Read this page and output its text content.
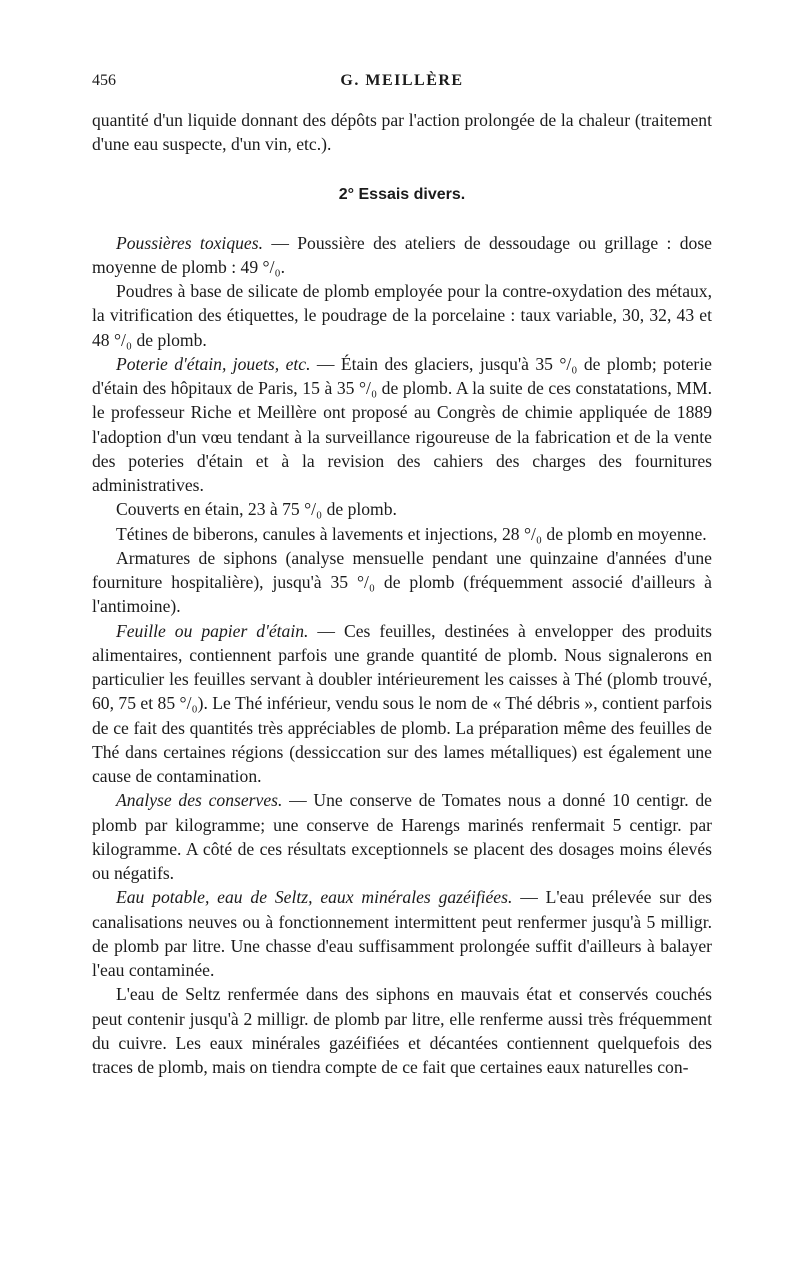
456	G. MEILLÈRE

quantité d'un liquide donnant des dépôts par l'action prolongée de la chaleur (traitement d'une eau suspecte, d'un vin, etc.).

2° Essais divers.

Poussières toxiques. — Poussière des ateliers de dessoudage ou grillage : dose moyenne de plomb : 49 °/₀.

Poudres à base de silicate de plomb employée pour la contre-oxydation des métaux, la vitrification des étiquettes, le poudrage de la porcelaine : taux variable, 30, 32, 43 et 48 °/₀ de plomb.

Poterie d'étain, jouets, etc. — Étain des glaciers, jusqu'à 35 °/₀ de plomb; poterie d'étain des hôpitaux de Paris, 15 à 35 °/₀ de plomb. A la suite de ces constatations, MM. le professeur Riche et Meillère ont proposé au Congrès de chimie appliquée de 1889 l'adoption d'un vœu tendant à la surveillance rigoureuse de la fabrication et de la vente des poteries d'étain et à la revision des cahiers des charges des fournitures administratives.

Couverts en étain, 23 à 75 °/₀ de plomb.

Tétines de biberons, canules à lavements et injections, 28 °/₀ de plomb en moyenne.

Armatures de siphons (analyse mensuelle pendant une quinzaine d'années d'une fourniture hospitalière), jusqu'à 35 °/₀ de plomb (fréquemment associé d'ailleurs à l'antimoine).

Feuille ou papier d'étain. — Ces feuilles, destinées à envelopper des produits alimentaires, contiennent parfois une grande quantité de plomb. Nous signalerons en particulier les feuilles servant à doubler intérieurement les caisses à Thé (plomb trouvé, 60, 75 et 85 °/₀). Le Thé inférieur, vendu sous le nom de « Thé débris », contient parfois de ce fait des quantités très appréciables de plomb. La préparation même des feuilles de Thé dans certaines régions (dessiccation sur des lames métalliques) est également une cause de contamination.

Analyse des conserves. — Une conserve de Tomates nous a donné 10 centigr. de plomb par kilogramme; une conserve de Harengs marinés renfermait 5 centigr. par kilogramme. A côté de ces résultats exceptionnels se placent des dosages moins élevés ou négatifs.

Eau potable, eau de Seltz, eaux minérales gazéifiées. — L'eau prélevée sur des canalisations neuves ou à fonctionnement intermittent peut renfermer jusqu'à 5 milligr. de plomb par litre. Une chasse d'eau suffisamment prolongée suffit d'ailleurs à balayer l'eau contaminée.

L'eau de Seltz renfermée dans des siphons en mauvais état et conservés couchés peut contenir jusqu'à 2 milligr. de plomb par litre, elle renferme aussi très fréquemment du cuivre. Les eaux minérales gazéifiées et décantées contiennent quelquefois des traces de plomb, mais on tiendra compte de ce fait que certaines eaux naturelles con-
